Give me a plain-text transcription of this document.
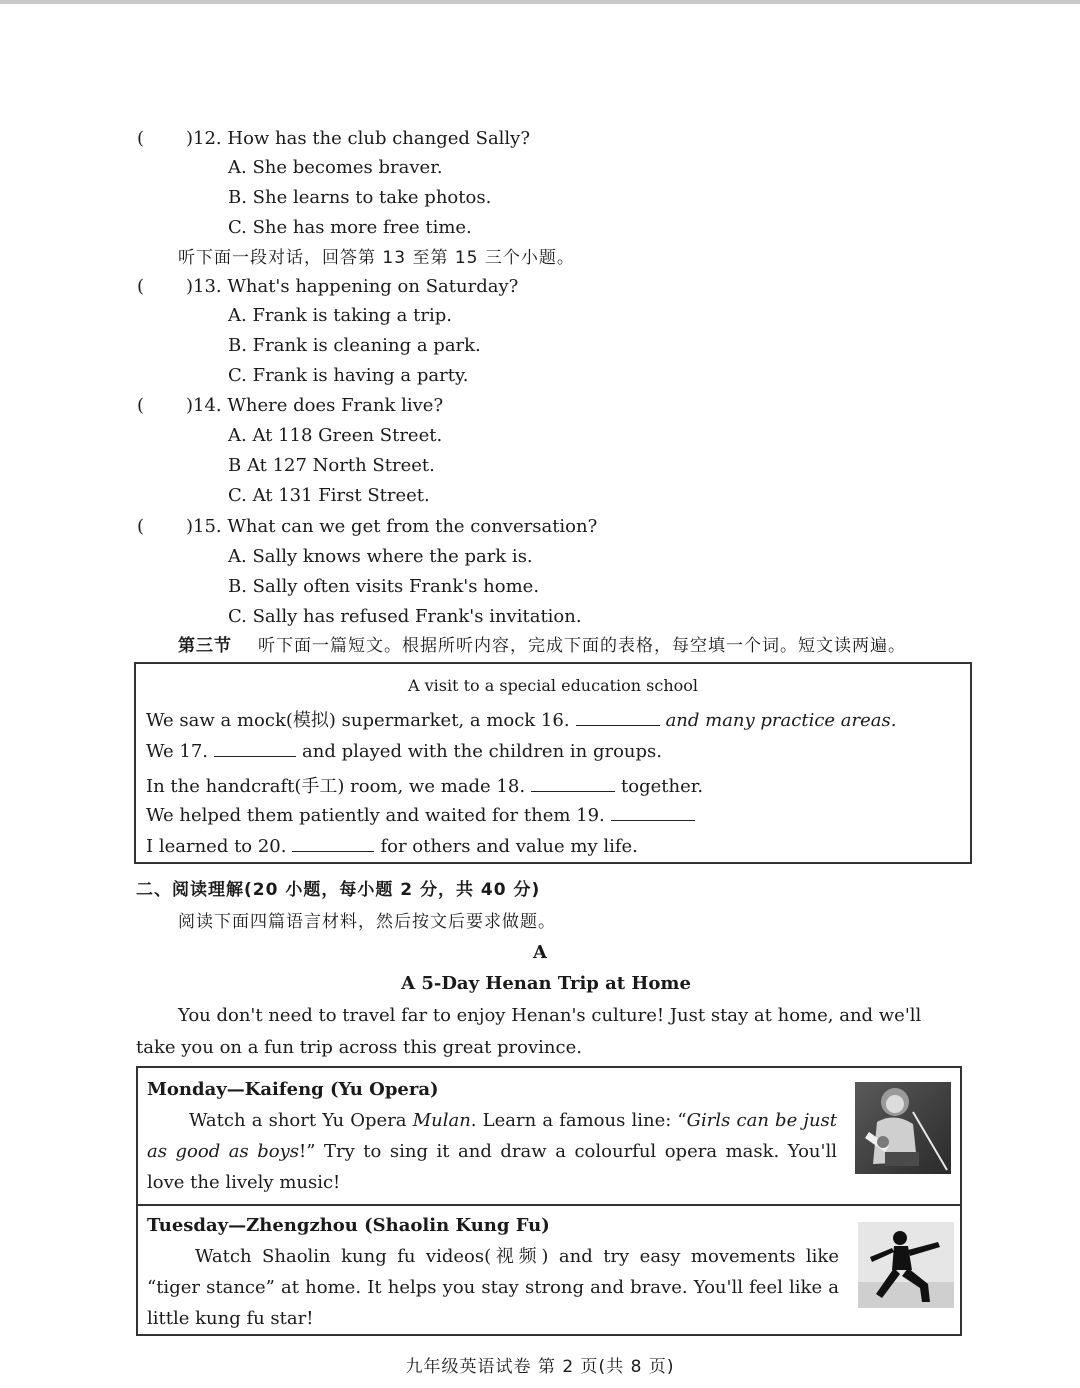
( )12. How has the club changed Sally?
A. She becomes braver.
B. She learns to take photos.
C. She has more free time.
听下面一段对话，回答第 13 至第 15 三个小题。
( )13. What's happening on Saturday?
A. Frank is taking a trip.
B. Frank is cleaning a park.
C. Frank is having a party.
( )14. Where does Frank live?
A. At 118 Green Street.
B At 127 North Street.
C. At 131 First Street.
( )15. What can we get from the conversation?
A. Sally knows where the park is.
B. Sally often visits Frank's home.
C. Sally has refused Frank's invitation.
第三节 听下面一篇短文。根据所听内容，完成下面的表格，每空填一个词。短文读两遍。
A visit to a special education school
We saw a mock(模拟) supermarket, a mock 16.	and many practice areas.
We 17.	and played with the children in groups.
In the handcraft(手工) room, we made 18.	together.
We helped them patiently and waited for them 19.
I learned to 20.	for others and value my life.
二、阅读理解(20 小题，每小题 2 分，共 40 分)
阅读下面四篇语言材料，然后按文后要求做题。
A
A 5-Day Henan Trip at Home
You don't need to travel far to enjoy Henan's culture! Just stay at home, and we'll
take you on a fun trip across this great province.
Monday—Kaifeng (Yu Opera)
Watch a short Yu Opera Mulan. Learn a famous line: “Girls can be just as good as boys!” Try to sing it and draw a colourful opera mask. You'll love the lively music!
Tuesday—Zhengzhou (Shaolin Kung Fu)
Watch Shaolin kung fu videos(视频) and try easy movements like “tiger stance” at home. It helps you stay strong and brave. You'll feel like a little kung fu star!
九年级英语试卷 第 2 页(共 8 页)
